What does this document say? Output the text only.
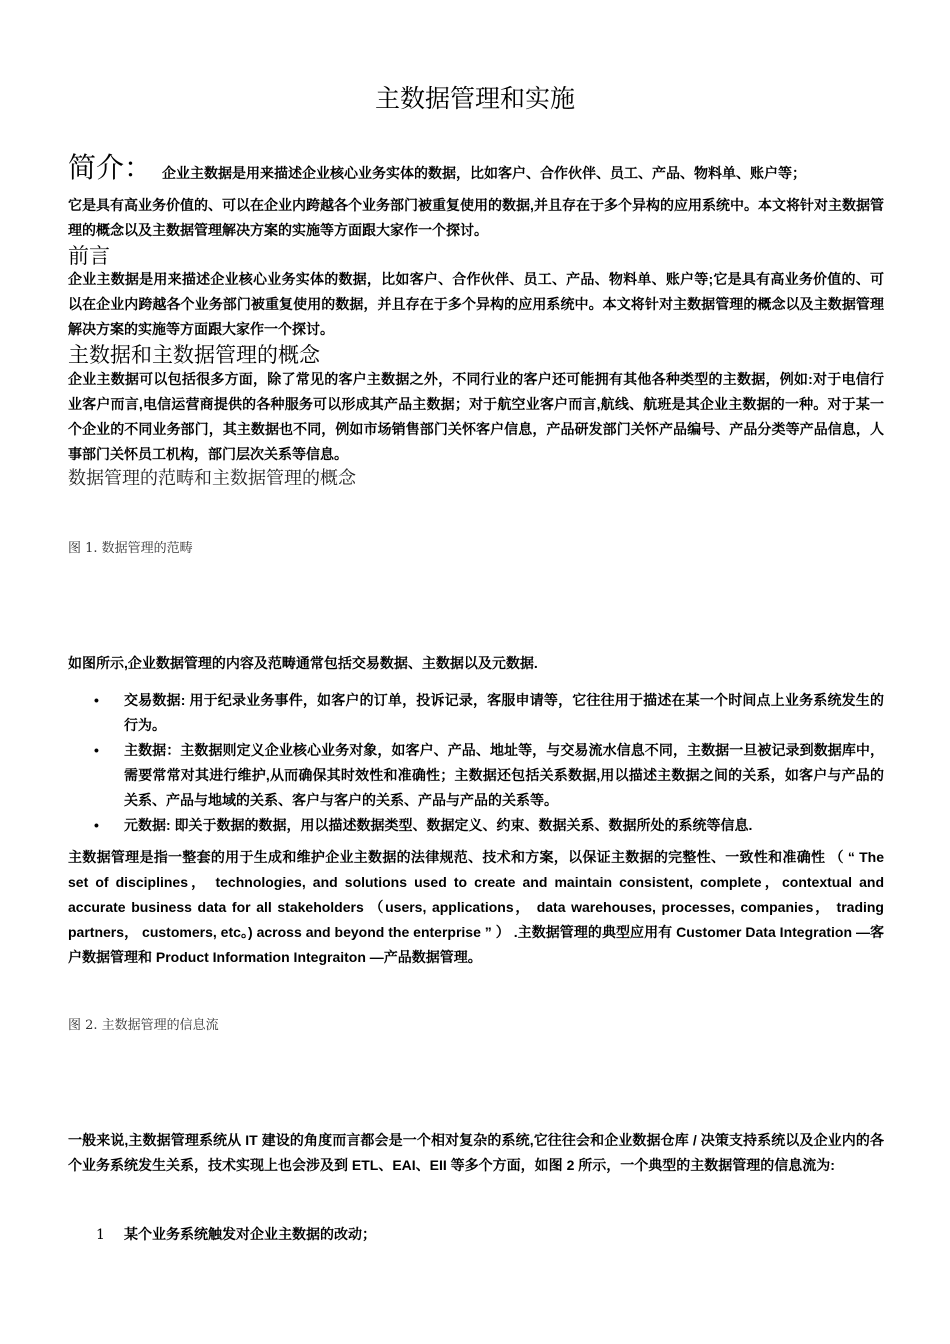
主数据管理和实施
简介： 企业主数据是用来描述企业核心业务实体的数据，比如客户、合作伙伴、员工、产品、物料单、账户等；
它是具有高业务价值的、可以在企业内跨越各个业务部门被重复使用的数据,并且存在于多个异构的应用系统中。本文将针对主数据管理的概念以及主数据管理解决方案的实施等方面跟大家作一个探讨。
前言
企业主数据是用来描述企业核心业务实体的数据，比如客户、合作伙伴、员工、产品、物料单、账户等;它是具有高业务价值的、可以在企业内跨越各个业务部门被重复使用的数据，并且存在于多个异构的应用系统中。本文将针对主数据管理的概念以及主数据管理解决方案的实施等方面跟大家作一个探讨。
主数据和主数据管理的概念
企业主数据可以包括很多方面，除了常见的客户主数据之外，不同行业的客户还可能拥有其他各种类型的主数据，例如:对于电信行业客户而言,电信运营商提供的各种服务可以形成其产品主数据；对于航空业客户而言,航线、航班是其企业主数据的一种。对于某一个企业的不同业务部门，其主数据也不同，例如市场销售部门关怀客户信息，产品研发部门关怀产品编号、产品分类等产品信息，人事部门关怀员工机构，部门层次关系等信息。
数据管理的范畴和主数据管理的概念
图 1. 数据管理的范畴
如图所示,企业数据管理的内容及范畴通常包括交易数据、主数据以及元数据.
• 交易数据: 用于纪录业务事件，如客户的订单，投诉记录，客服申请等，它往往用于描述在某一个时间点上业务系统发生的行为。
• 主数据：主数据则定义企业核心业务对象，如客户、产品、地址等，与交易流水信息不同，主数据一旦被记录到数据库中，需要常常对其进行维护,从而确保其时效性和准确性；主数据还包括关系数据,用以描述主数据之间的关系，如客户与产品的关系、产品与地域的关系、客户与客户的关系、产品与产品的关系等。
• 元数据: 即关于数据的数据，用以描述数据类型、数据定义、约束、数据关系、数据所处的系统等信息.
主数据管理是指一整套的用于生成和维护企业主数据的法律规范、技术和方案，以保证主数据的完整性、一致性和准确性 （ “ The set of disciplines， technologies, and solutions used to create and maintain consistent, complete，contextual and accurate business data for all stakeholders （users, applications， data warehouses, processes, companies， trading partners， customers, etc。) across and beyond the enterprise ” ） .主数据管理的典型应用有 Customer Data Integration —客户数据管理和 Product Information Integraiton —产品数据管理。
图 2. 主数据管理的信息流
一般来说,主数据管理系统从 IT 建设的角度而言都会是一个相对复杂的系统,它往往会和企业数据仓库 / 决策支持系统以及企业内的各个业务系统发生关系，技术实现上也会涉及到 ETL、EAI、EII 等多个方面，如图 2 所示，一个典型的主数据管理的信息流为:
1 某个业务系统触发对企业主数据的改动；
